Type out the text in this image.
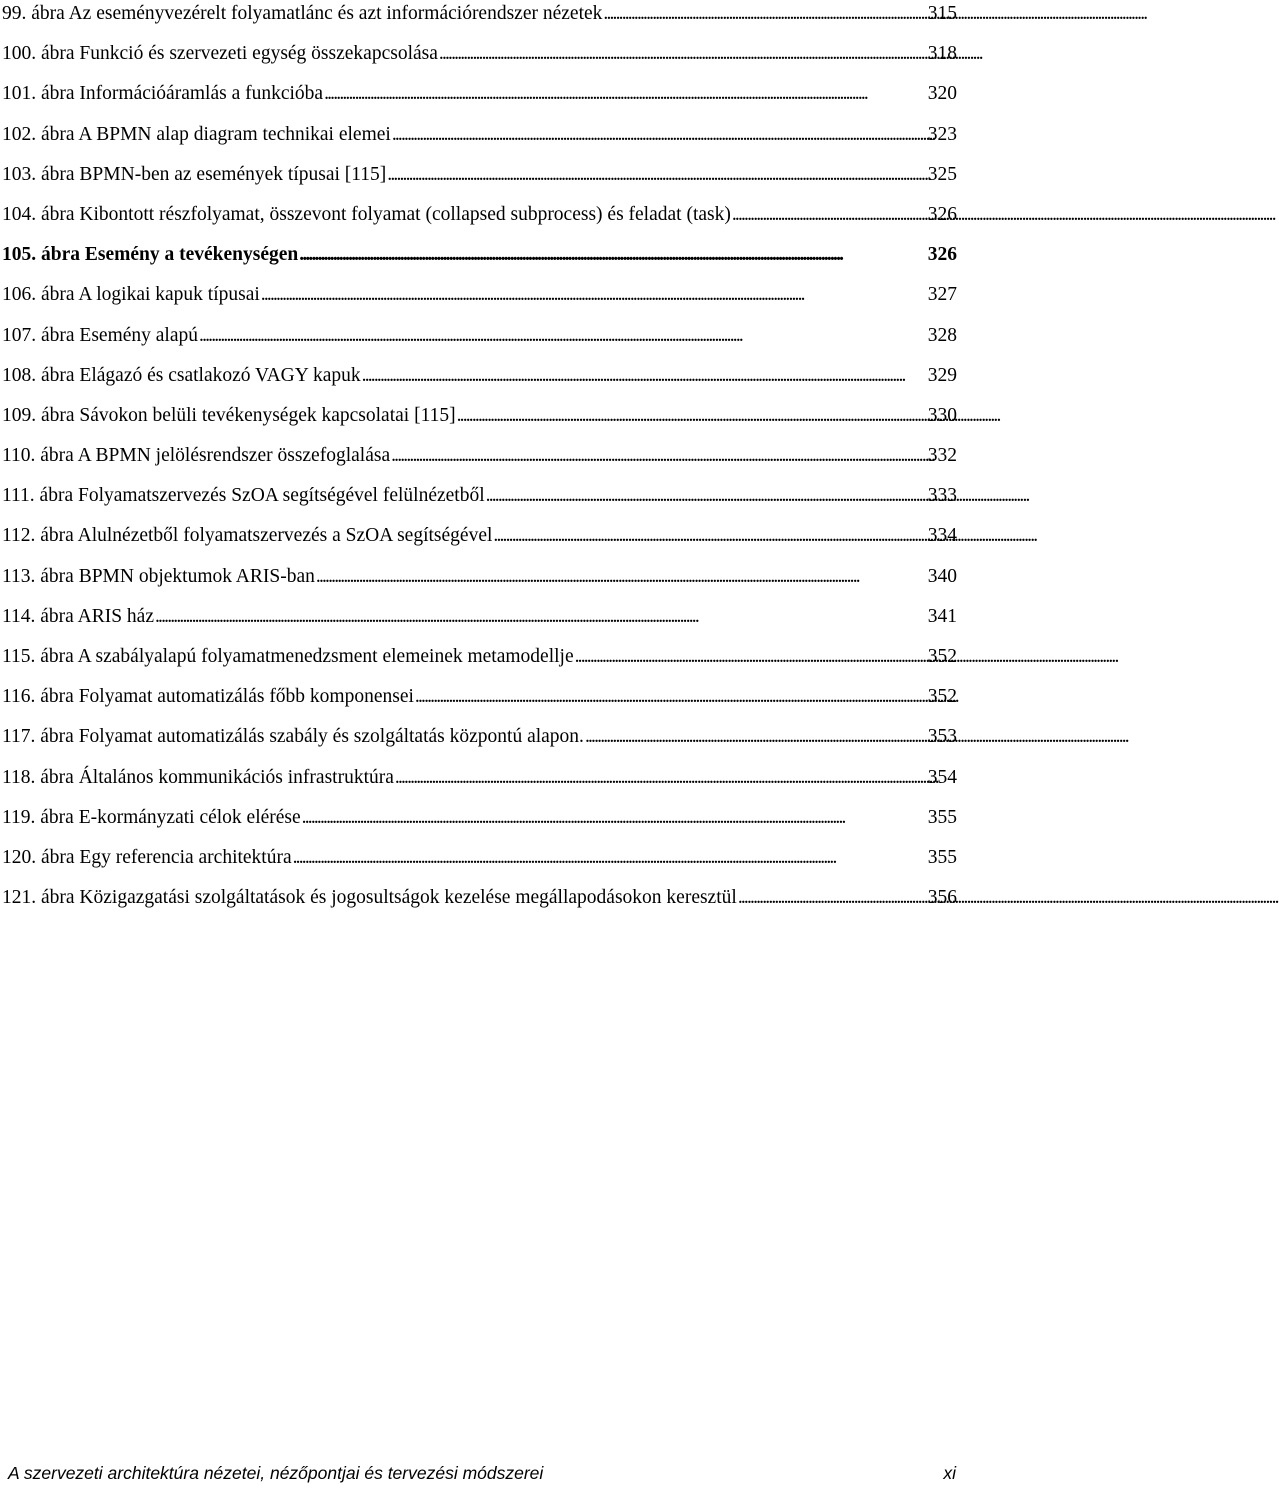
99. ábra Az eseményvezérelt folyamatlánc és azt információrendszer nézetek . . .	315
100. ábra Funkció és szervezeti egység összekapcsolása . . .	318
101. ábra Információáramlás a funkcióba . . .	320
102. ábra A BPMN alap diagram technikai elemei . . .	323
103. ábra BPMN-ben az események típusai [115] . . .	325
104. ábra Kibontott részfolyamat, összevont folyamat (collapsed subprocess) és feladat (task) . . .	326
105. ábra Esemény a tevékenységen . . .	326
106. ábra A logikai kapuk típusai . . .	327
107. ábra Esemény alapú . . .	328
108. ábra Elágazó és csatlakozó VAGY kapuk . . .	329
109. ábra Sávokon belüli tevékenységek kapcsolatai [115] . . .	330
110. ábra A BPMN jelölésrendszer összefoglalása . . .	332
111. ábra Folyamatszervezés SzOA segítségével felülnézetből . . .	333
112. ábra Alulnézetből folyamatszervezés a SzOA segítségével . . .	334
113. ábra BPMN objektumok ARIS-ban . . .	340
114. ábra ARIS ház . . .	341
115. ábra A szabályalapú folyamatmenedzsment elemeinek metamodellje . . .	352
116. ábra Folyamat automatizálás főbb komponensei . . .	352
117. ábra Folyamat automatizálás szabály és szolgáltatás központú alapon. . . .	353
118. ábra Általános kommunikációs infrastruktúra . . .	354
119. ábra E-kormányzati célok elérése . . .	355
120. ábra Egy referencia architektúra . . .	355
121. ábra Közigazgatási szolgáltatások és jogosultságok kezelése megállapodásokon keresztül . . .	356
A szervezeti architektúra nézetei, nézőpontjai és tervezési módszerei	xi
